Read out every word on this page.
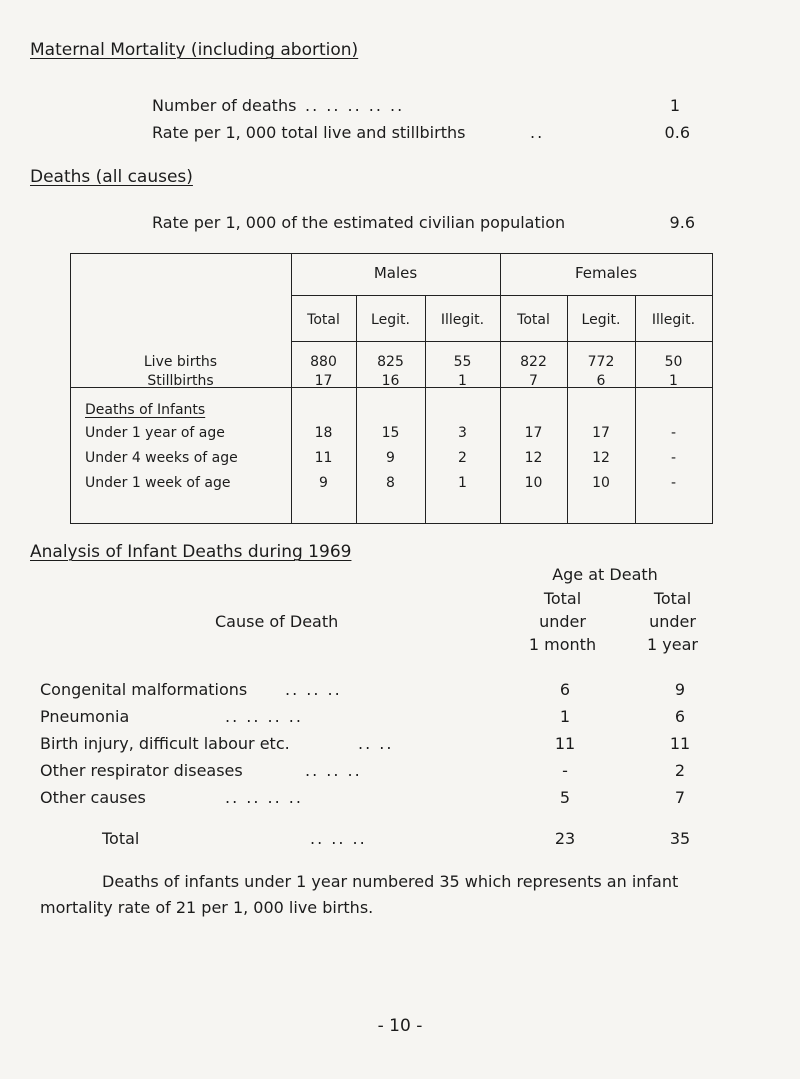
Maternal Mortality (including abortion)
Number of deaths .. .. .. .. ..	1
Rate per 1, 000 total live and stillbirths	..	0.6
Deaths (all causes)
Rate per 1, 000 of the estimated civilian population	9.6
Males	Females
Total	Legit.	Illegit.	Total	Legit.	Illegit.
Live births	880	825	55	822	772	50
Stillbirths	17	16	1	7	6	1
Deaths of Infants
Under 1 year of age	18	15	3	17	17	-
Under 4 weeks of age	11	9	2	12	12	-
Under 1 week of age	9	8	1	10	10	-
Analysis of Infant Deaths during 1969
Age at Death
Cause of Death
Total
under
1 month
Total
under
1 year
Congenital malformations .. .. ..	6	9
Pneumonia	.. .. .. ..	1	6
Birth injury, difficult labour etc.	.. ..	11	11
Other respirator diseases	.. .. ..	-	2
Other causes	.. .. .. ..	5	7
Total	.. .. ..	23	35
Deaths of infants under 1 year numbered 35 which represents an infant
mortality rate of 21 per 1, 000 live births.
- 10 -
